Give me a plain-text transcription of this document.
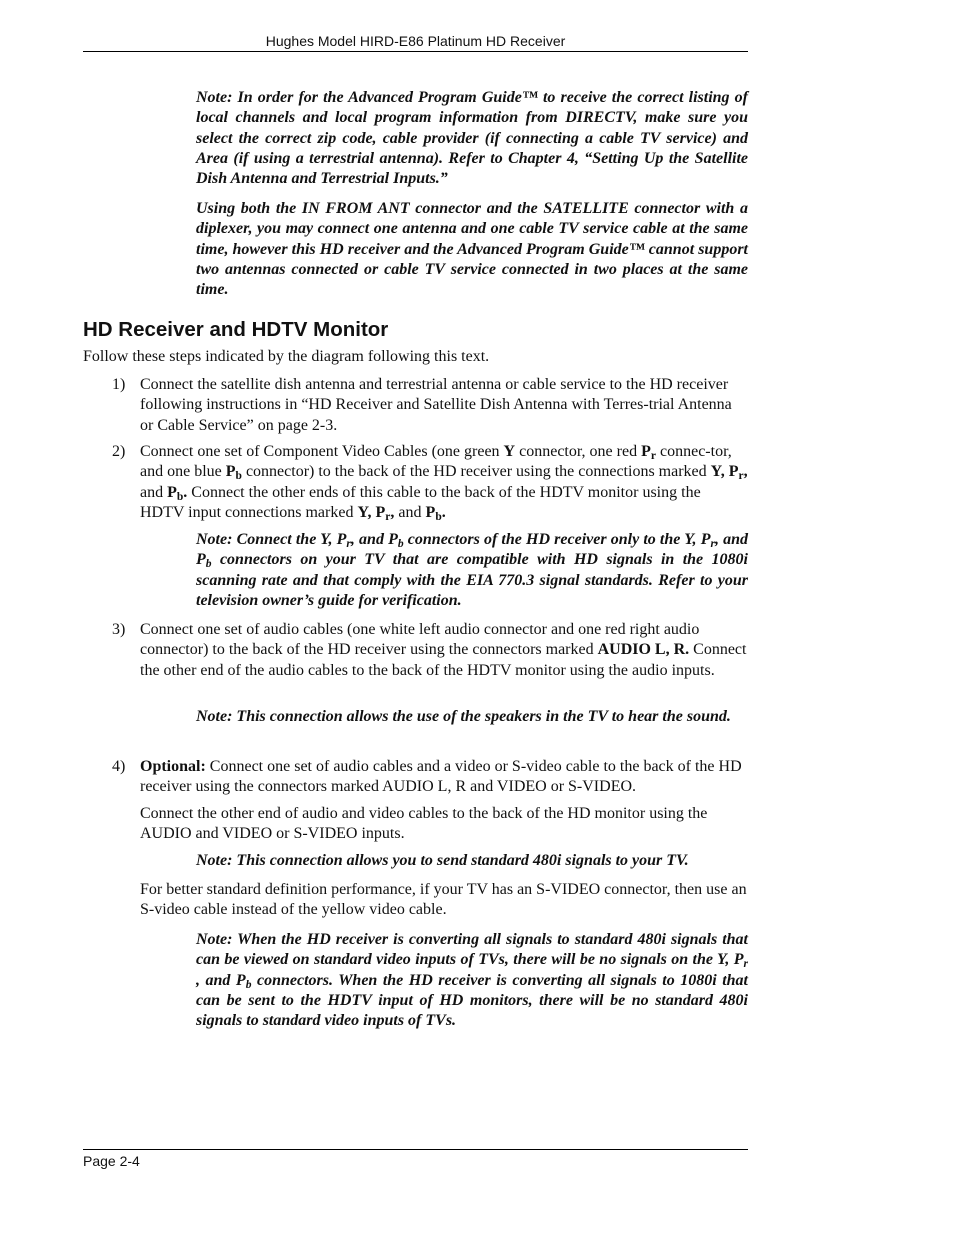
Hughes Model HIRD-E86 Platinum HD Receiver
Note: In order for the Advanced Program Guide™ to receive the correct listing of local channels and local program information from DIRECTV, make sure you select the correct zip code, cable provider (if connecting a cable TV service) and Area (if using a terrestrial antenna). Refer to Chapter 4, “Setting Up the Satellite Dish Antenna and Terrestrial Inputs.”
Using both the IN FROM ANT connector and the SATELLITE connector with a diplexer, you may connect one antenna and one cable TV service cable at the same time, however this HD receiver and the Advanced Program Guide™ cannot support two antennas connected or cable TV service connected in two places at the same time.
HD Receiver and HDTV Monitor
Follow these steps indicated by the diagram following this text.
1) Connect the satellite dish antenna and terrestrial antenna or cable service to the HD receiver following instructions in “HD Receiver and Satellite Dish Antenna with Terres-trial Antenna or Cable Service” on page 2-3.
2) Connect one set of Component Video Cables (one green Y connector, one red $P_r$ connec-tor, and one blue $P_b$ connector) to the back of the HD receiver using the connections marked Y, $P_r$, and $P_b$. Connect the other ends of this cable to the back of the HDTV monitor using the HDTV input connections marked Y, $P_r$, and $P_b$.
Note: Connect the Y, $P_r$, and $P_b$ connectors of the HD receiver only to the Y, $P_r$, and $P_b$ connectors on your TV that are compatible with HD signals in the 1080i scanning rate and that comply with the EIA 770.3 signal standards. Refer to your television owner’s guide for verification.
3) Connect one set of audio cables (one white left audio connector and one red right audio connector) to the back of the HD receiver using the connectors marked AUDIO L, R. Connect the other end of the audio cables to the back of the HDTV monitor using the audio inputs.
Note: This connection allows the use of the speakers in the TV to hear the sound.
4) Optional: Connect one set of audio cables and a video or S-video cable to the back of the HD receiver using the connectors marked AUDIO L, R and VIDEO or S-VIDEO.
Connect the other end of audio and video cables to the back of the HD monitor using the AUDIO and VIDEO or S-VIDEO inputs.
Note: This connection allows you to send standard 480i signals to your TV.
For better standard definition performance, if your TV has an S-VIDEO connector, then use an S-video cable instead of the yellow video cable.
Note: When the HD receiver is converting all signals to standard 480i signals that can be viewed on standard video inputs of TVs, there will be no signals on the Y, $P_r$ , and $P_b$ connectors. When the HD receiver is converting all signals to 1080i that can be sent to the HDTV input of HD monitors, there will be no standard 480i signals to standard video inputs of TVs.
Page 2-4
